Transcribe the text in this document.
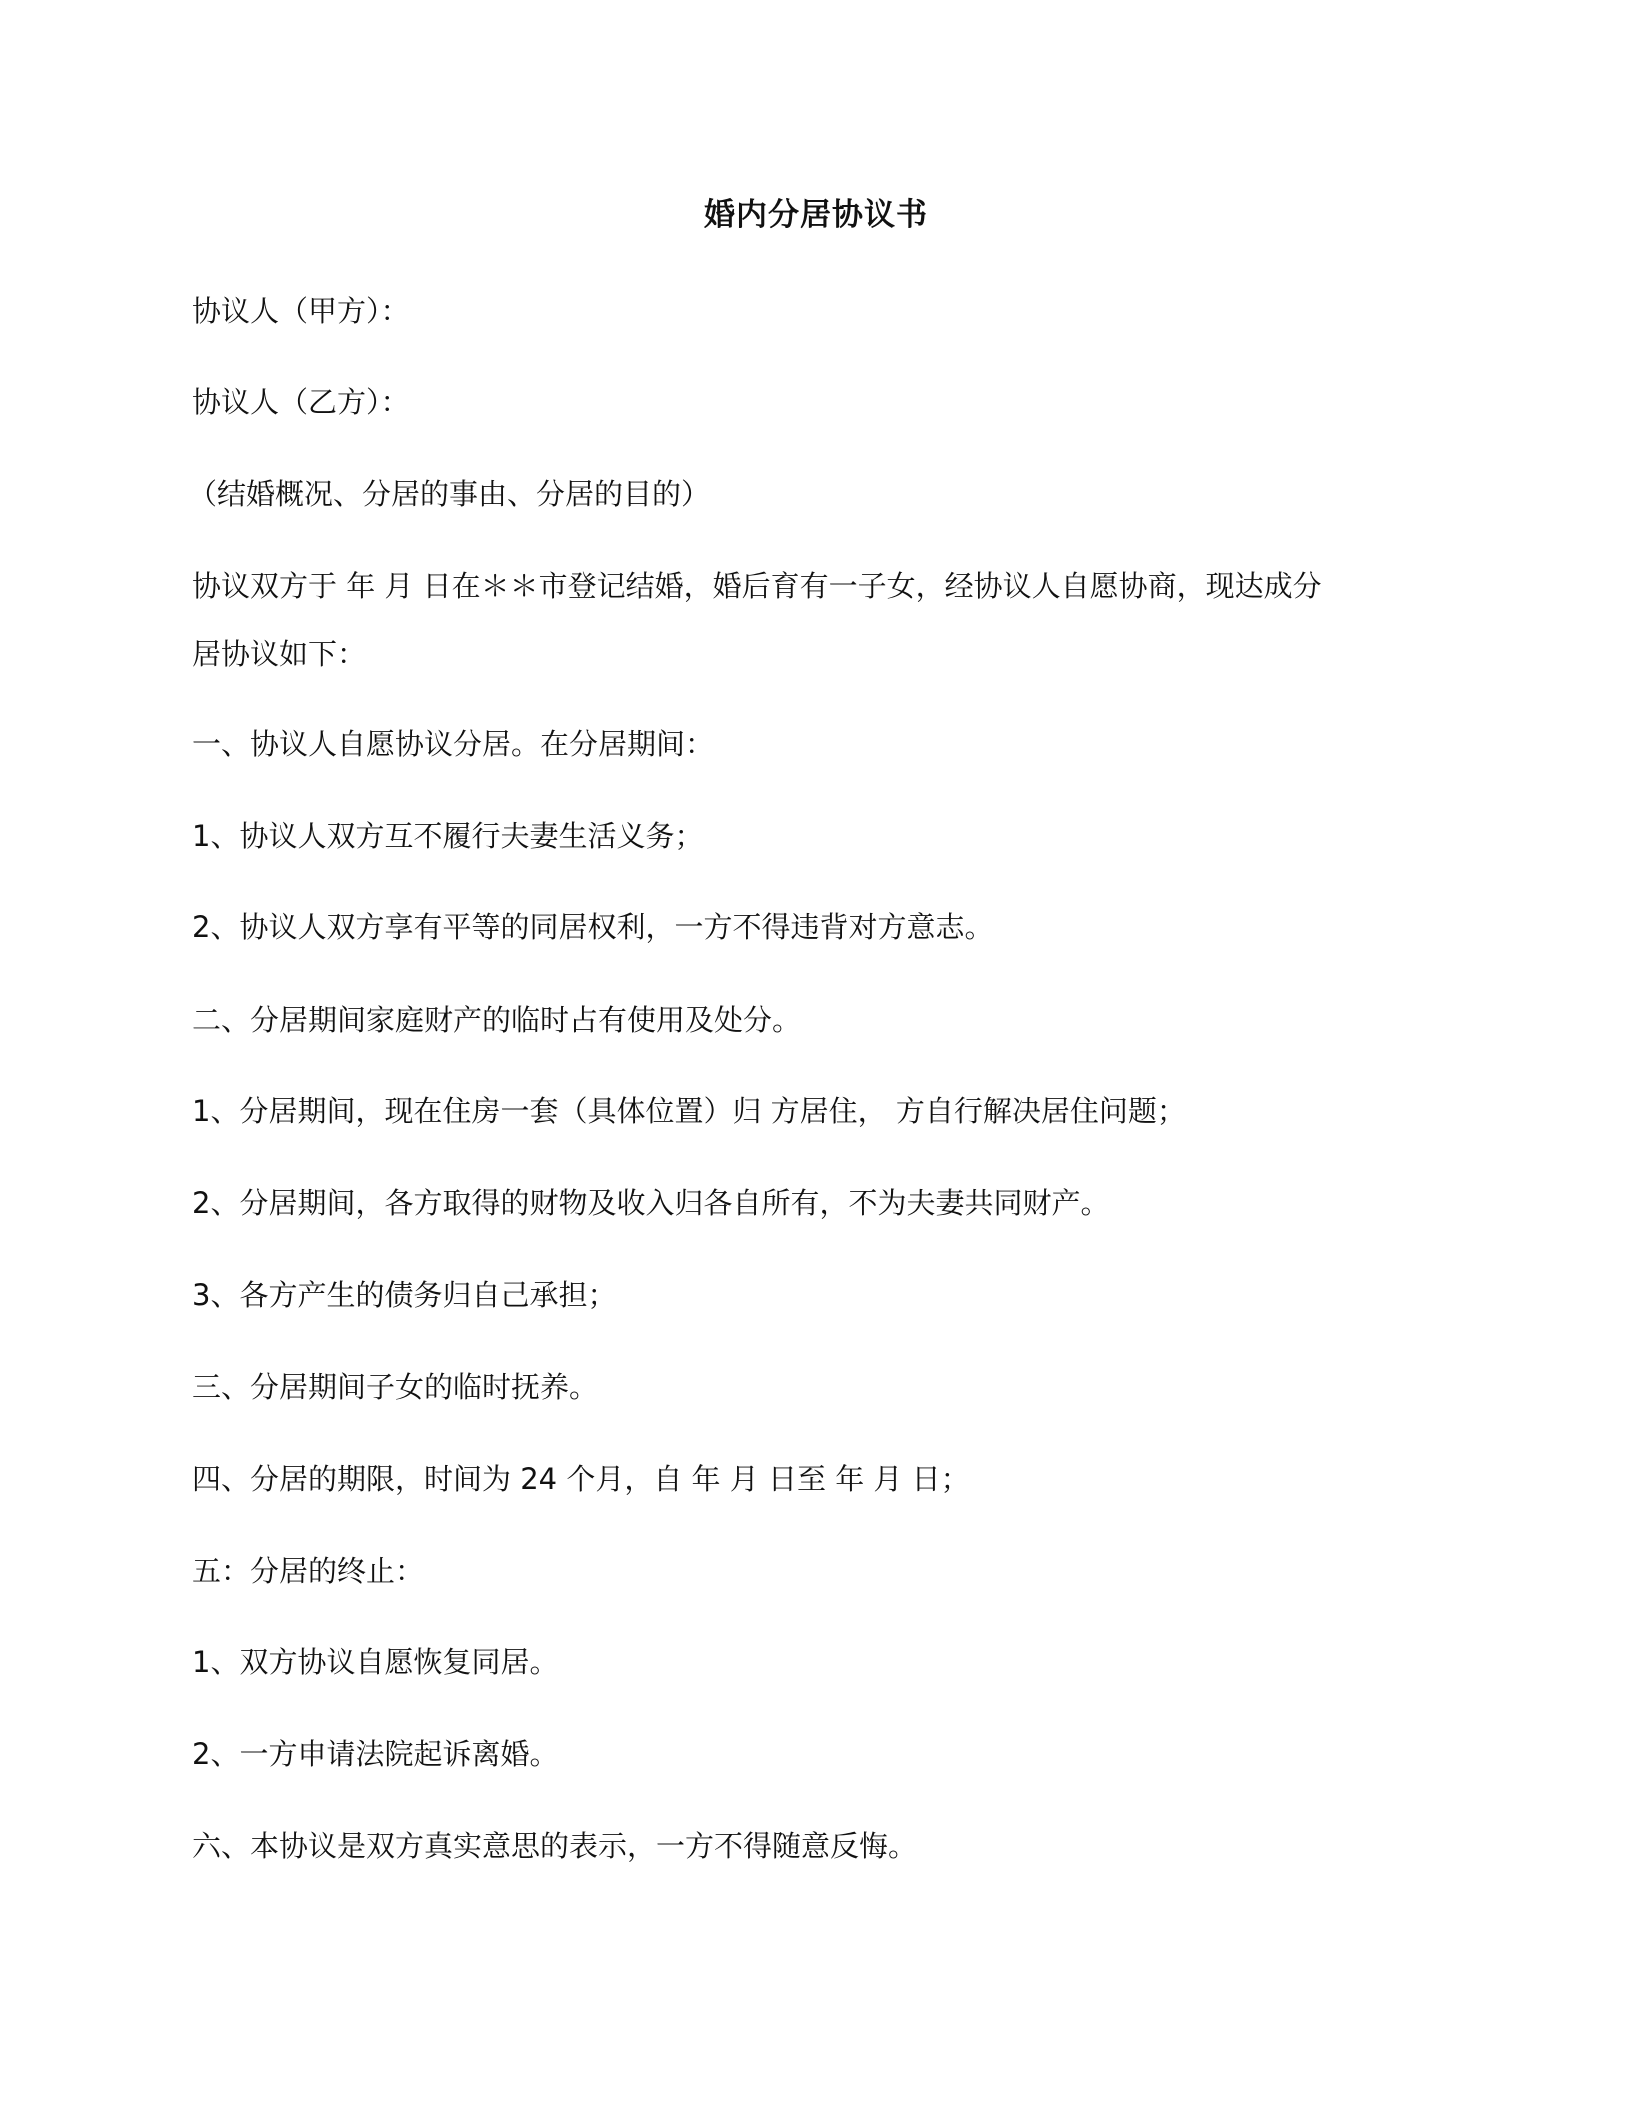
婚内分居协议书
协议人（甲方）：
协议人（乙方）：
（结婚概况、分居的事由、分居的目的）
协议双方于 年 月 日在＊＊市登记结婚，婚后育有一子女，经协议人自愿协商，现达成分
居协议如下：
一、协议人自愿协议分居。在分居期间：
1、协议人双方互不履行夫妻生活义务；
2、协议人双方享有平等的同居权利，一方不得违背对方意志。
二、分居期间家庭财产的临时占有使用及处分。
1、分居期间，现在住房一套（具体位置）归 方居住， 方自行解决居住问题；
2、分居期间，各方取得的财物及收入归各自所有，不为夫妻共同财产。
3、各方产生的债务归自己承担；
三、分居期间子女的临时抚养。
四、分居的期限，时间为 24 个月，自 年 月 日至 年 月 日；
五：分居的终止：
1、双方协议自愿恢复同居。
2、一方申请法院起诉离婚。
六、本协议是双方真实意思的表示，一方不得随意反悔。
